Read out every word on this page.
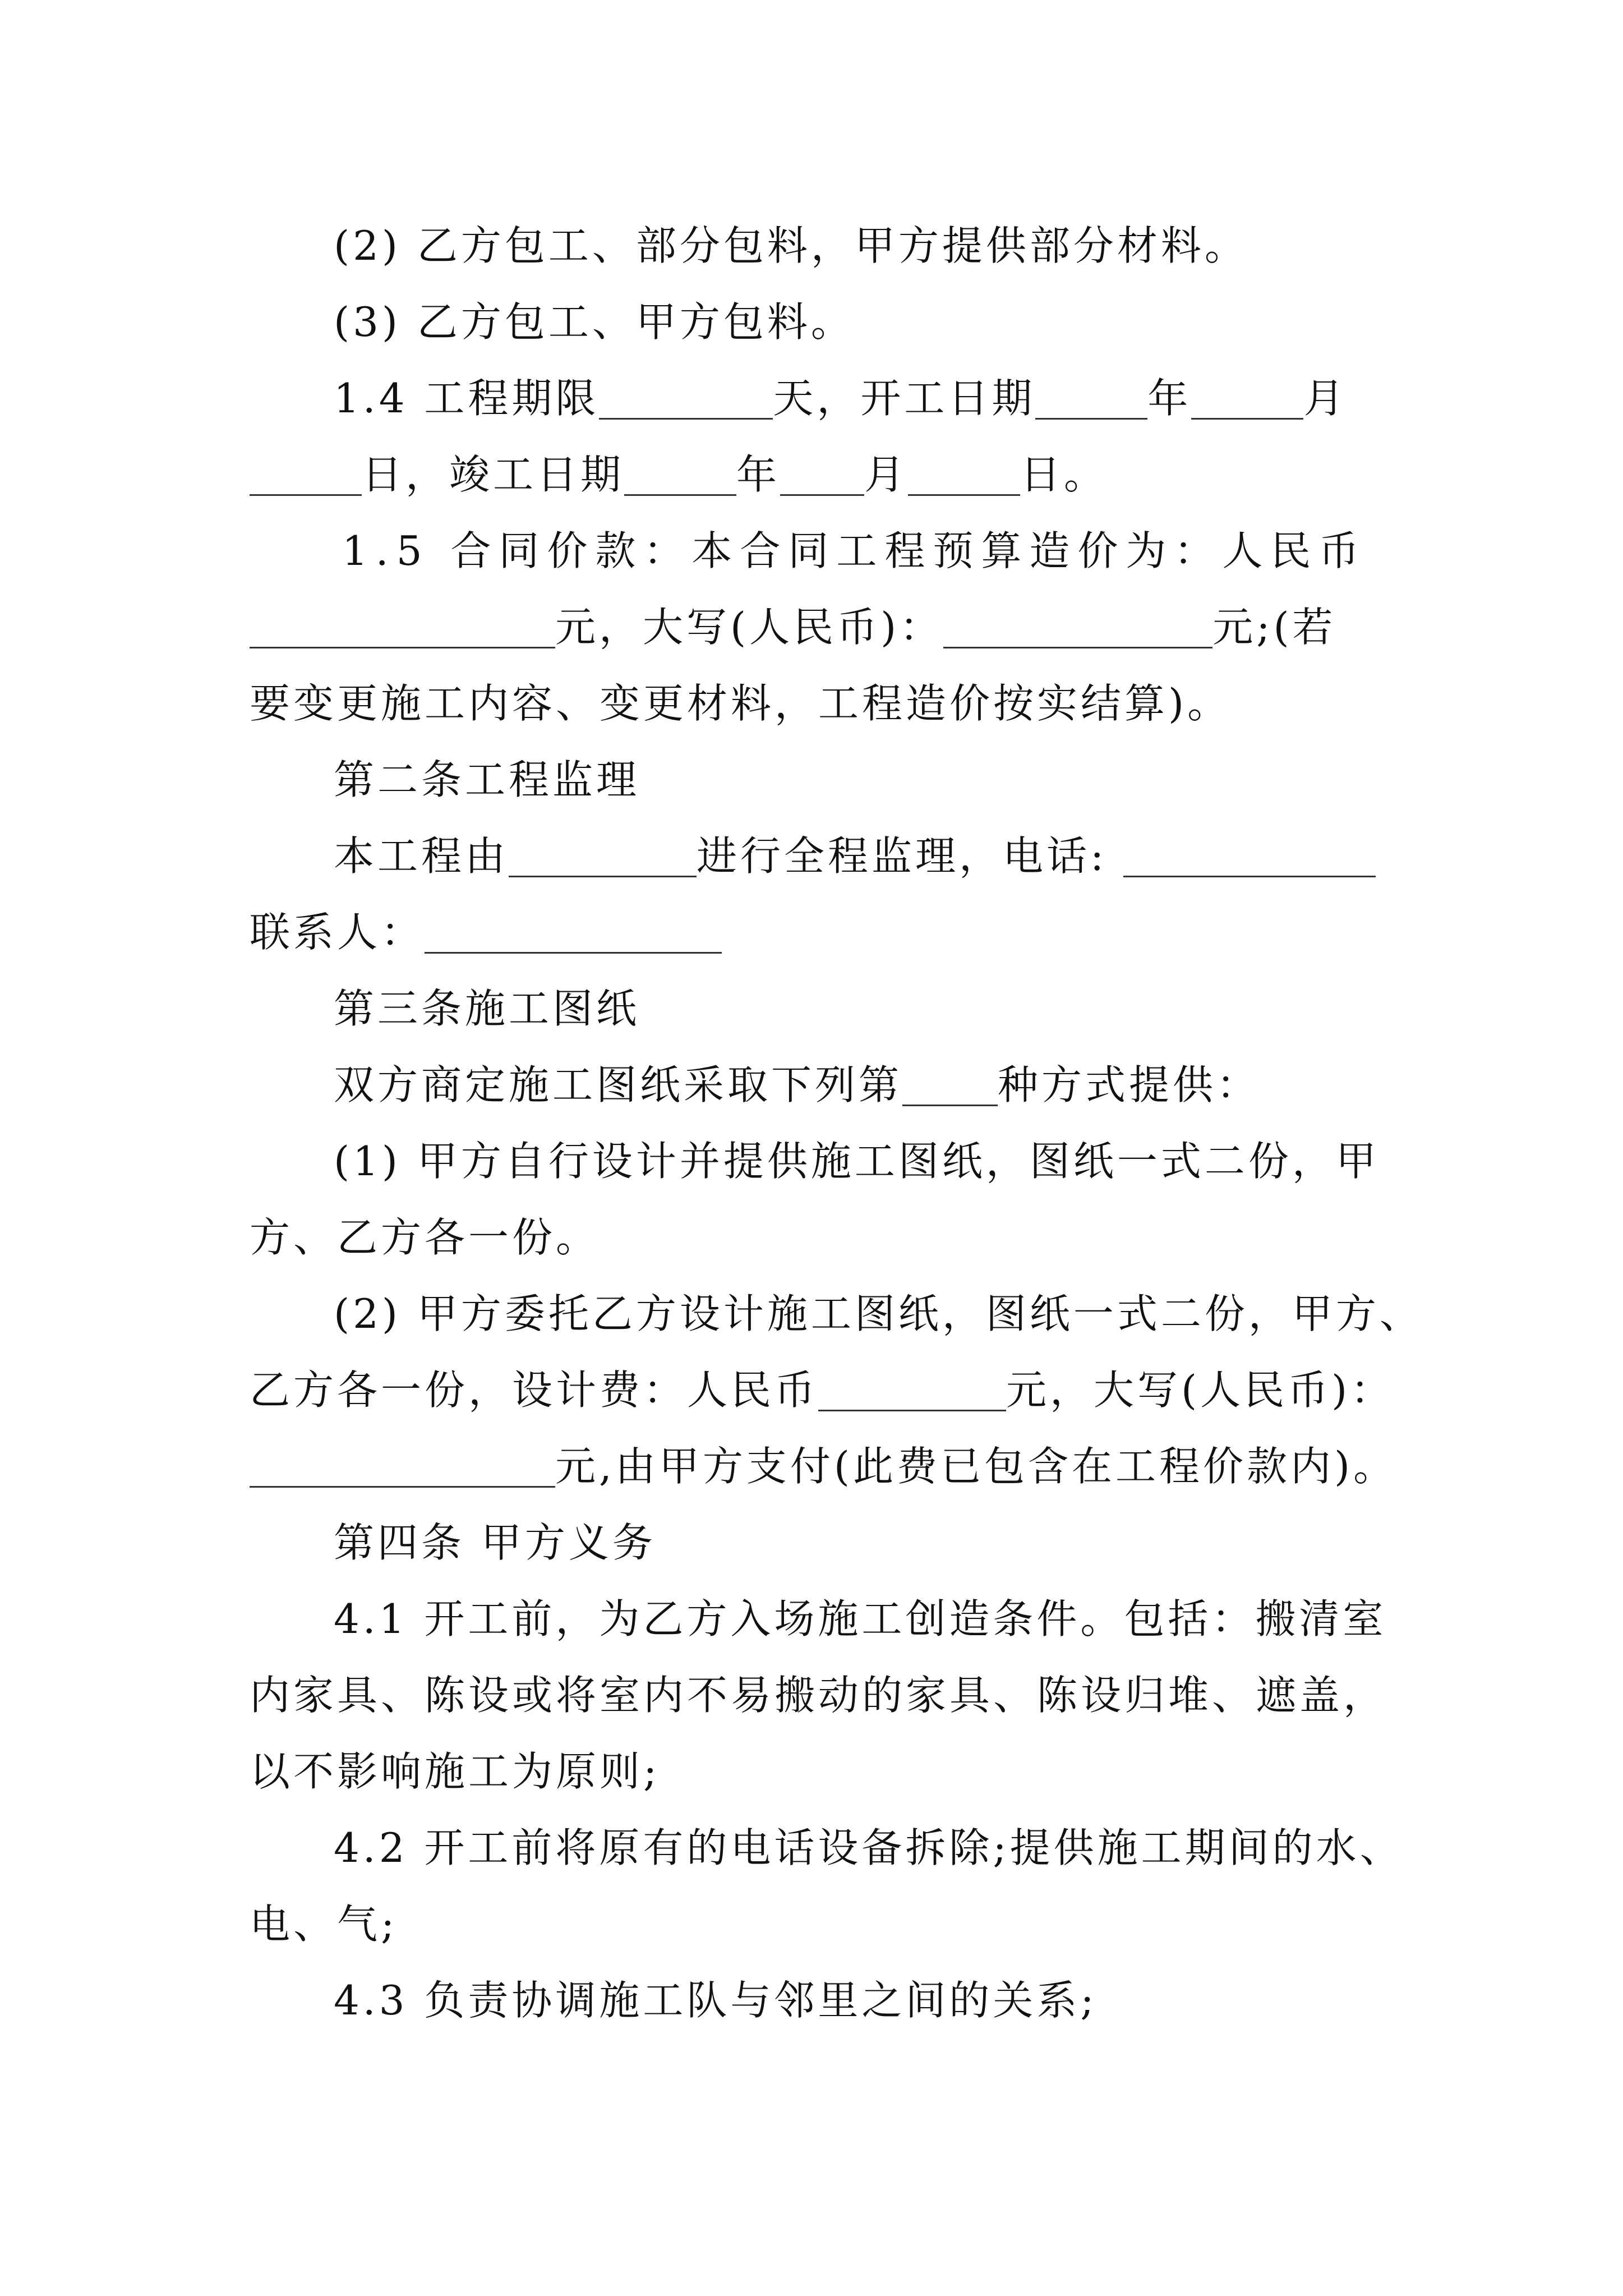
(2) 乙方包工、部分包料，甲方提供部分材料。
(3) 乙方包工、甲方包料。
1.4 工程期限	天，开工日期	年	月
日，竣工日期	年 月	日。
1.5 合同价款：本合同工程预算造价为：人民币
元，大写(人民币)：	元;(若
要变更施工内容、变更材料，工程造价按实结算)。
第二条工程监理
本工程由	进行全程监理，电话:
联系人：
第三条施工图纸
双方商定施工图纸采取下列第 种方式提供：
(1) 甲方自行设计并提供施工图纸，图纸一式二份，甲
方、乙方各一份。
(2) 甲方委托乙方设计施工图纸，图纸一式二份，甲方、
乙方各一份，设计费：人民币	元，大写(人民币)：
元,由甲方支付(此费已包含在工程价款内)。
第四条 甲方义务
4.1 开工前，为乙方入场施工创造条件。包括：搬清室
内家具、陈设或将室内不易搬动的家具、陈设归堆、遮盖，
以不影响施工为原则;
4.2 开工前将原有的电话设备拆除;提供施工期间的水、
电、气;
4.3 负责协调施工队与邻里之间的关系;
